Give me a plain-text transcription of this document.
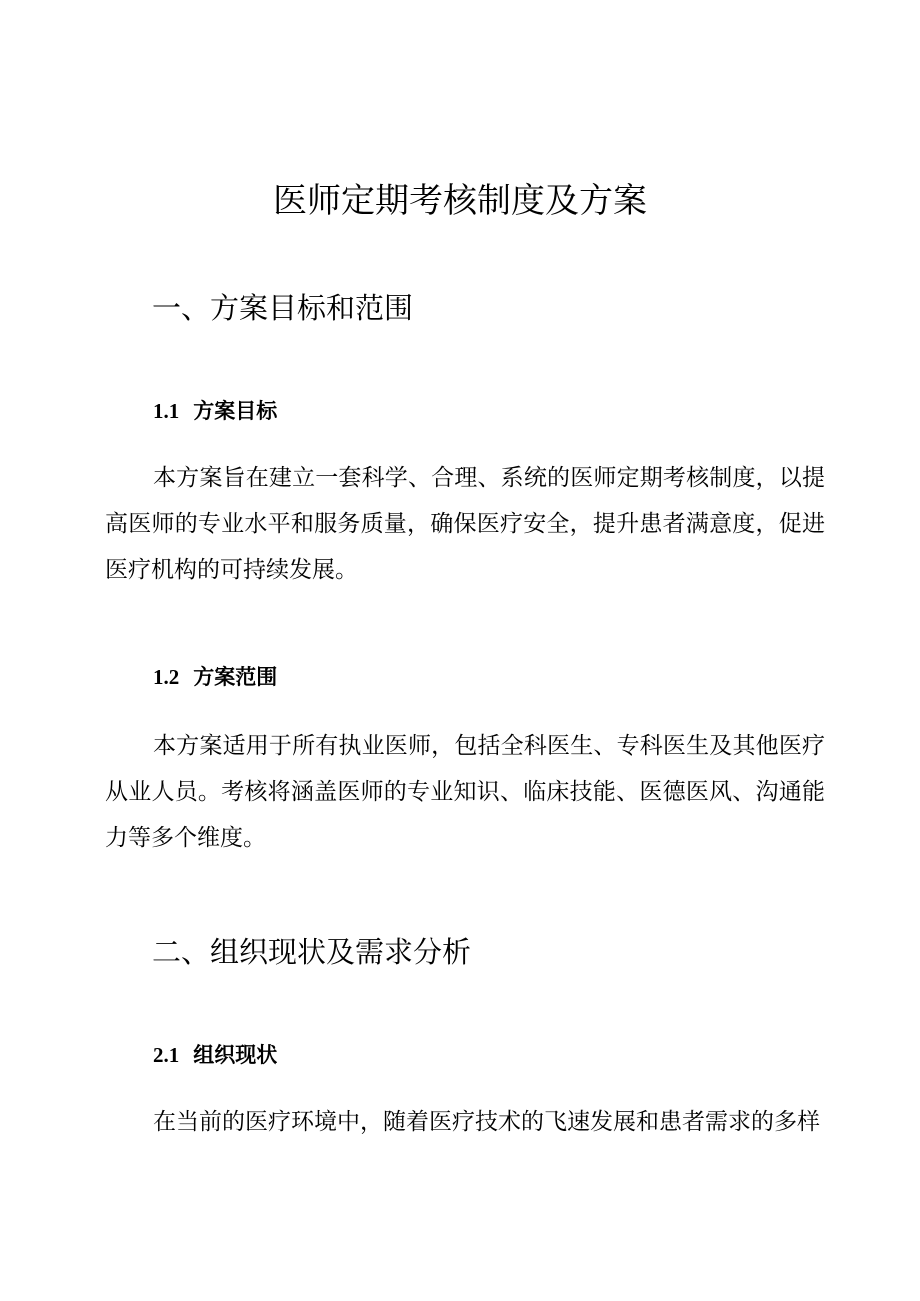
医师定期考核制度及方案
一、方案目标和范围
1.1 方案目标

本方案旨在建立一套科学、合理、系统的医师定期考核制度，以提高医师的专业水平和服务质量，确保医疗安全，提升患者满意度，促进医疗机构的可持续发展。

1.2 方案范围

本方案适用于所有执业医师，包括全科医生、专科医生及其他医疗从业人员。考核将涵盖医师的专业知识、临床技能、医德医风、沟通能力等多个维度。

二、组织现状及需求分析
2.1 组织现状

在当前的医疗环境中，随着医疗技术的飞速发展和患者需求的多样
